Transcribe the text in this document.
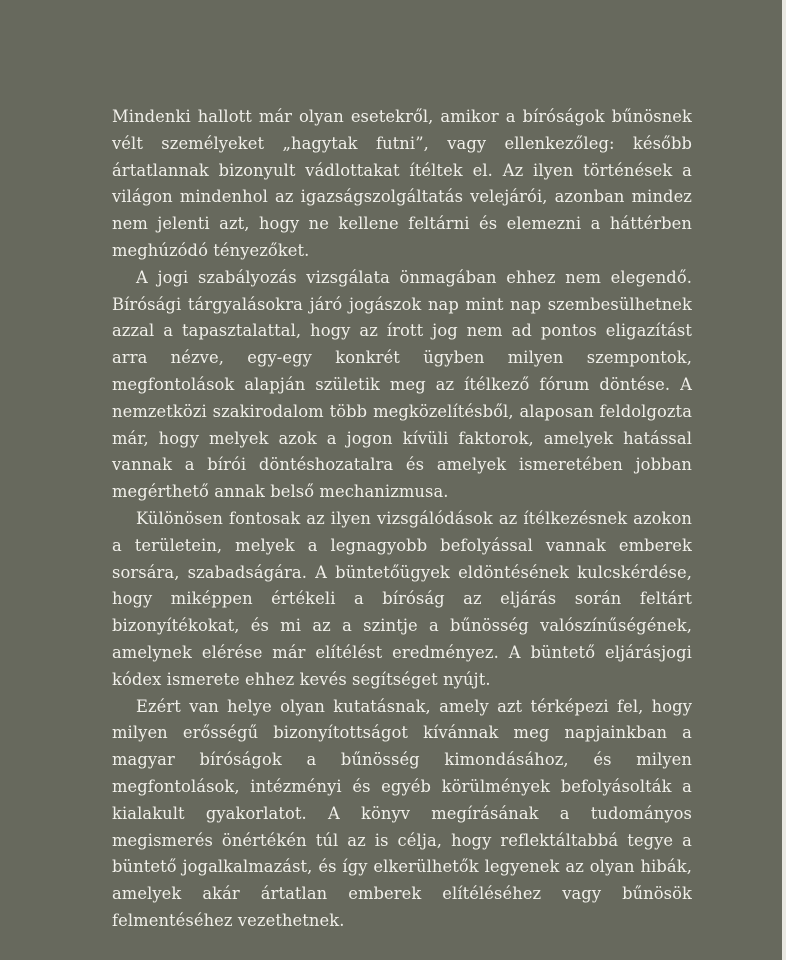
Mindenki hallott már olyan esetekről, amikor a bíróságok bűnösnek vélt személyeket „hagytak futni”, vagy ellenkezőleg: később ártatlannak bizonyult vádlottakat ítéltek el. Az ilyen történések a világon mindenhol az igazságszolgáltatás velejárói, azonban mindez nem jelenti azt, hogy ne kellene feltárni és elemezni a háttérben meghúzódó tényezőket.

A jogi szabályozás vizsgálata önmagában ehhez nem elegendő. Bírósági tárgyalásokra járó jogászok nap mint nap szembesülhetnek azzal a tapasztalattal, hogy az írott jog nem ad pontos eligazítást arra nézve, egy-egy konkrét ügyben milyen szempontok, megfontolások alapján születik meg az ítélkező fórum döntése. A nemzetközi szakirodalom több megközelítésből, alaposan feldolgozta már, hogy melyek azok a jogon kívüli faktorok, amelyek hatással vannak a bírói döntéshozatalra és amelyek ismeretében jobban megérthető annak belső mechanizmusa.

Különösen fontosak az ilyen vizsgálódások az ítélkezésnek azokon a területein, melyek a legnagyobb befolyással vannak emberek sorsára, szabadságára. A büntetőügyek eldöntésének kulcskérdése, hogy miképpen értékeli a bíróság az eljárás során feltárt bizonyítékokat, és mi az a szintje a bűnösség valószínűségének, amelynek elérése már elítélést eredményez. A büntető eljárásjogi kódex ismerete ehhez kevés segítséget nyújt.

Ezért van helye olyan kutatásnak, amely azt térképezi fel, hogy milyen erősségű bizonyítottságot kívánnak meg napjainkban a magyar bíróságok a bűnösség kimondásához, és milyen megfontolások, intézményi és egyéb körülmények befolyásolták a kialakult gyakorlatot. A könyv megírásának a tudományos megismerés önértékén túl az is célja, hogy reflektáltabbá tegye a büntető jogalkalmazást, és így elkerülhetők legyenek az olyan hibák, amelyek akár ártatlan emberek elítéléséhez vagy bűnösök felmentéséhez vezethetnek.
